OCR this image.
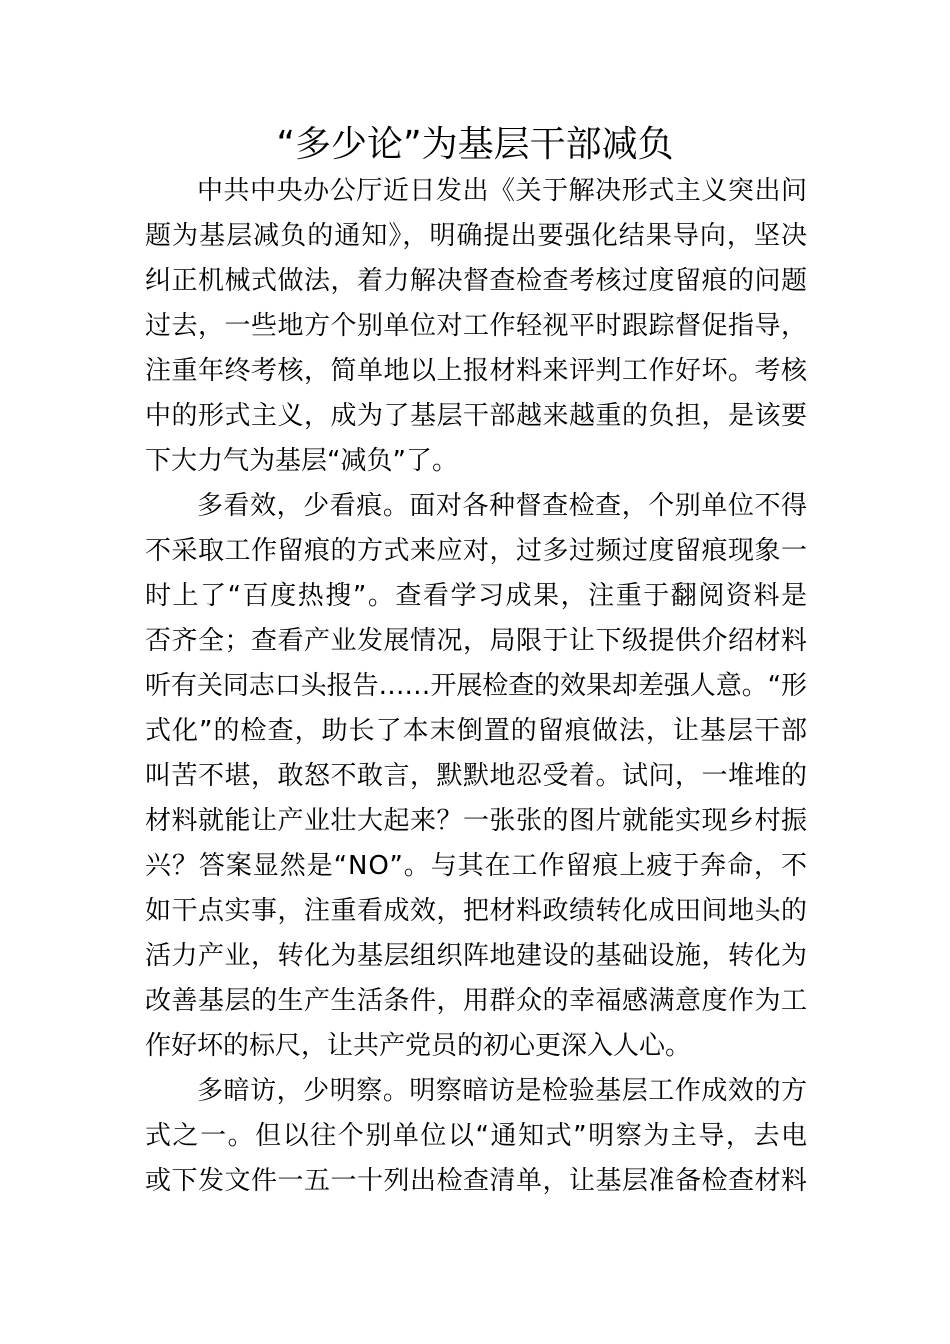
“多少论”为基层干部减负
中共中央办公厅近日发出《关于解决形式主义突出问
题为基层减负的通知》，明确提出要强化结果导向，坚决
纠正机械式做法，着力解决督查检查考核过度留痕的问题
过去，一些地方个别单位对工作轻视平时跟踪督促指导，
注重年终考核，简单地以上报材料来评判工作好坏。考核
中的形式主义，成为了基层干部越来越重的负担，是该要
下大力气为基层“减负”了。
多看效，少看痕。面对各种督查检查，个别单位不得
不采取工作留痕的方式来应对，过多过频过度留痕现象一
时上了“百度热搜”。查看学习成果，注重于翻阅资料是
否齐全；查看产业发展情况，局限于让下级提供介绍材料
听有关同志口头报告……开展检查的效果却差强人意。“形
式化”的检查，助长了本末倒置的留痕做法，让基层干部
叫苦不堪，敢怒不敢言，默默地忍受着。试问，一堆堆的
材料就能让产业壮大起来？一张张的图片就能实现乡村振
兴？答案显然是“NO”。与其在工作留痕上疲于奔命，不
如干点实事，注重看成效，把材料政绩转化成田间地头的
活力产业，转化为基层组织阵地建设的基础设施，转化为
改善基层的生产生活条件，用群众的幸福感满意度作为工
作好坏的标尺，让共产党员的初心更深入人心。
多暗访，少明察。明察暗访是检验基层工作成效的方
式之一。但以往个别单位以“通知式”明察为主导，去电
或下发文件一五一十列出检查清单，让基层准备检查材料
